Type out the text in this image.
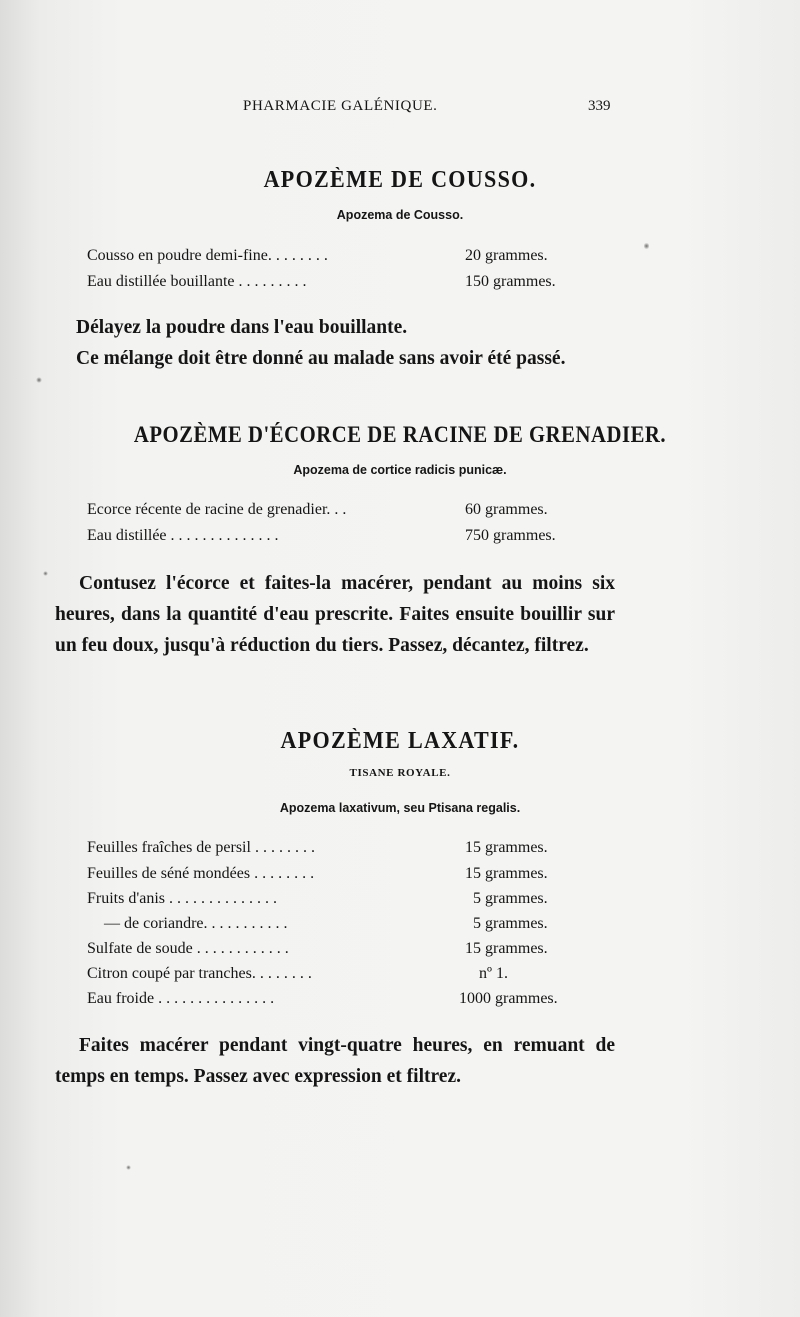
PHARMACIE GALÉNIQUE.	339
APOZÈME DE COUSSO.
Apozema de Cousso.
Cousso en poudre demi-fine. . . . . . . .	20 grammes.
Eau distillée bouillante . . . . . . . . .	150 grammes.
Délayez la poudre dans l'eau bouillante.
Ce mélange doit être donné au malade sans avoir été passé.
APOZÈME D'ÉCORCE DE RACINE DE GRENADIER.
Apozema de cortice radicis punicæ.
Ecorce récente de racine de grenadier. . .	60 grammes.
Eau distillée . . . . . . . . . . . . . .	750 grammes.
Contusez l'écorce et faites-la macérer, pendant au moins six heures, dans la quantité d'eau prescrite. Faites ensuite bouillir sur un feu doux, jusqu'à réduction du tiers. Passez, décantez, filtrez.
APOZÈME LAXATIF.
TISANE ROYALE.
Apozema laxativum, seu Ptisana regalis.
Feuilles fraîches de persil . . . . . . . .	15 grammes.
Feuilles de séné mondées . . . . . . . .	15 grammes.
Fruits d'anis . . . . . . . . . . . . . .	5 grammes.
— de coriandre. . . . . . . . . . .	5 grammes.
Sulfate de soude . . . . . . . . . . . .	15 grammes.
Citron coupé par tranches. . . . . . . .	nº 1.
Eau froide . . . . . . . . . . . . . . .	1000 grammes.
Faites macérer pendant vingt-quatre heures, en remuant de temps en temps. Passez avec expression et filtrez.
